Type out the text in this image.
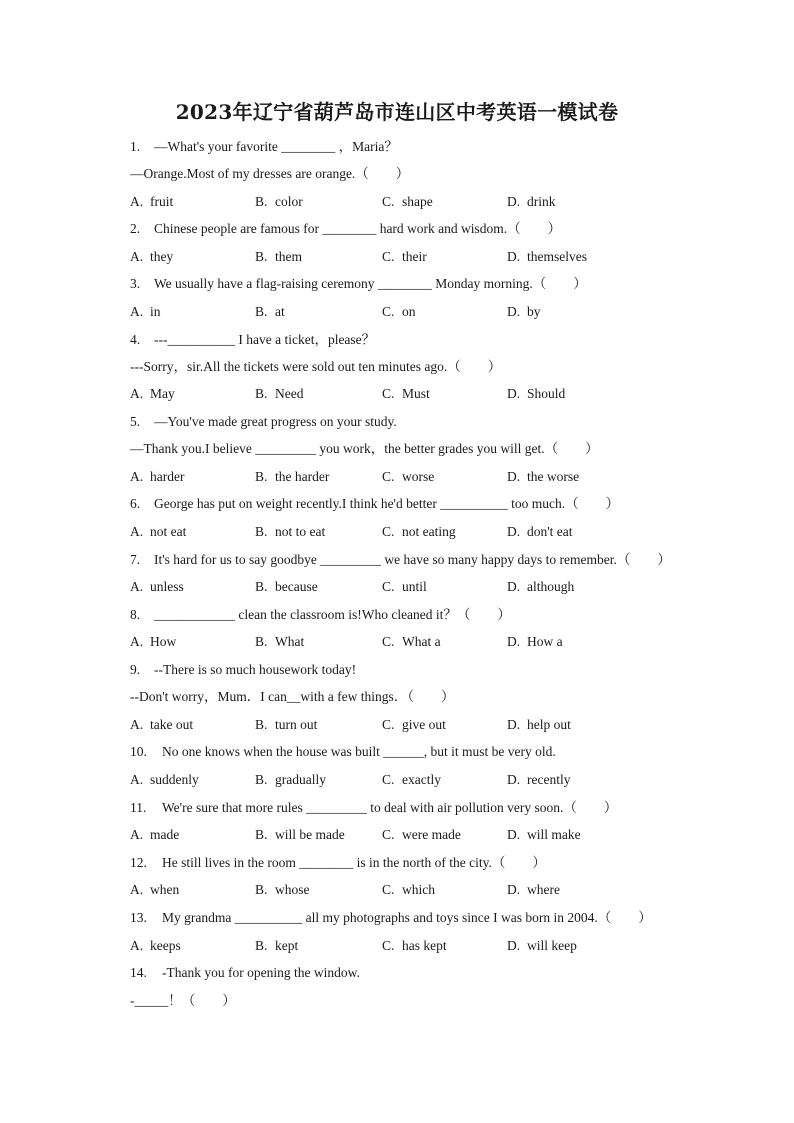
2023年辽宁省葫芦岛市连山区中考英语一模试卷
1. —What's your favorite ________ ，Maria？
—Orange.Most of my dresses are orange.（　　）
A. fruit	B. color	C. shape	D. drink
2. Chinese people are famous for ________ hard work and wisdom.（　　）
A. they	B. them	C. their	D. themselves
3. We usually have a flag-raising ceremony ________ Monday morning.（　　）
A. in	B. at	C. on	D. by
4. ---__________ I have a ticket，please？
---Sorry，sir.All the tickets were sold out ten minutes ago.（　　）
A. May	B. Need	C. Must	D. Should
5. —You've made great progress on your study.
—Thank you.I believe _________ you work，the better grades you will get.（　　）
A. harder	B. the harder	C. worse	D. the worse
6. George has put on weight recently.I think he'd better __________ too much.（　　）
A. not eat	B. not to eat	C. not eating	D. don't eat
7. It's hard for us to say goodbye _________ we have so many happy days to remember.（　　）
A. unless	B. because	C. until	D. although
8. ____________ clean the classroom is!Who cleaned it？（　　）
A. How	B. What	C. What a	D. How a
9. --There is so much housework today!
--Don't worry，Mum．I can__with a few things．（　　）
A. take out	B. turn out	C. give out	D. help out
10. No one knows when the house was built ______, but it must be very old.
A. suddenly	B. gradually	C. exactly	D. recently
11. We're sure that more rules _________ to deal with air pollution very soon.（　　）
A. made	B. will be made	C. were made	D. will make
12. He still lives in the room ________ is in the north of the city.（　　）
A. when	B. whose	C. which	D. where
13. My grandma __________ all my photographs and toys since I was born in 2004.（　　）
A. keeps	B. kept	C. has kept	D. will keep
14. -Thank you for opening the window.
-_____！（　　）
